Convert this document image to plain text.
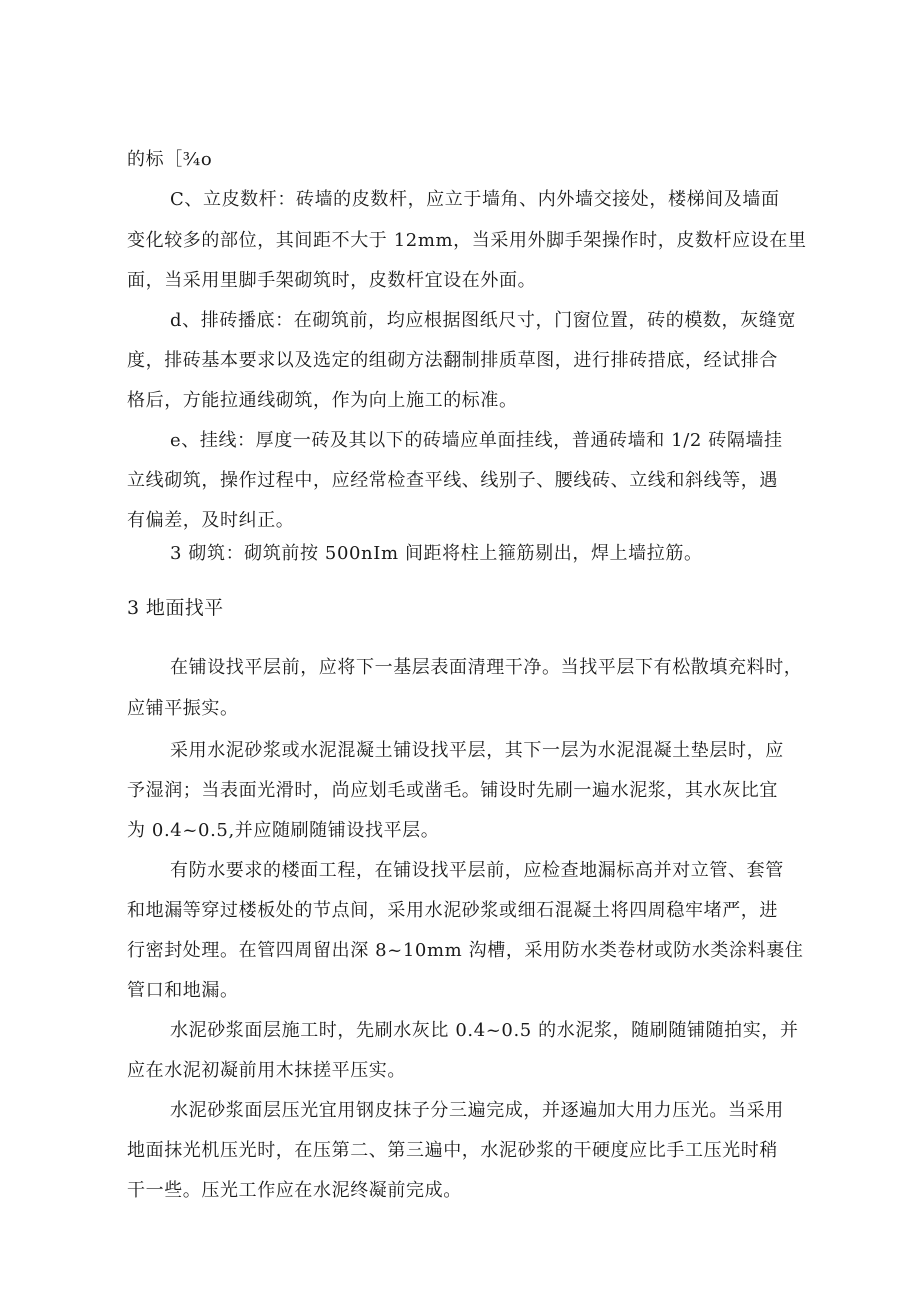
的标［¾o
C、立皮数杆：砖墙的皮数杆，应立于墙角、内外墙交接处，楼梯间及墙面
变化较多的部位，其间距不大于 12mm，当采用外脚手架操作时，皮数杆应设在里
面，当采用里脚手架砌筑时，皮数杆宜设在外面。
d、排砖播底：在砌筑前，均应根据图纸尺寸，门窗位置，砖的模数，灰缝宽
度，排砖基本要求以及选定的组砌方法翻制排质草图，进行排砖措底，经试排合
格后，方能拉通线砌筑，作为向上施工的标准。
e、挂线：厚度一砖及其以下的砖墙应单面挂线，普通砖墙和 1/2 砖隔墙挂
立线砌筑，操作过程中，应经常检查平线、线别子、腰线砖、立线和斜线等，遇
有偏差，及时纠正。
3 砌筑：砌筑前按 500nIm 间距将柱上箍筋剔出，焊上墙拉筋。
3 地面找平
在铺设找平层前，应将下一基层表面清理干净。当找平层下有松散填充料时，
应铺平振实。
采用水泥砂浆或水泥混凝土铺设找平层，其下一层为水泥混凝土垫层时，应
予湿润；当表面光滑时，尚应划毛或凿毛。铺设时先刷一遍水泥浆，其水灰比宜
为 0.4~0.5,并应随刷随铺设找平层。
有防水要求的楼面工程，在铺设找平层前，应检查地漏标高并对立管、套管
和地漏等穿过楼板处的节点间，采用水泥砂浆或细石混凝土将四周稳牢堵严，进
行密封处理。在管四周留出深 8~10mm 沟槽，采用防水类卷材或防水类涂料裹住
管口和地漏。
水泥砂浆面层施工时，先刷水灰比 0.4~0.5 的水泥浆，随刷随铺随拍实，并
应在水泥初凝前用木抹搓平压实。
水泥砂浆面层压光宜用钢皮抹子分三遍完成，并逐遍加大用力压光。当采用
地面抹光机压光时，在压第二、第三遍中，水泥砂浆的干硬度应比手工压光时稍
干一些。压光工作应在水泥终凝前完成。
